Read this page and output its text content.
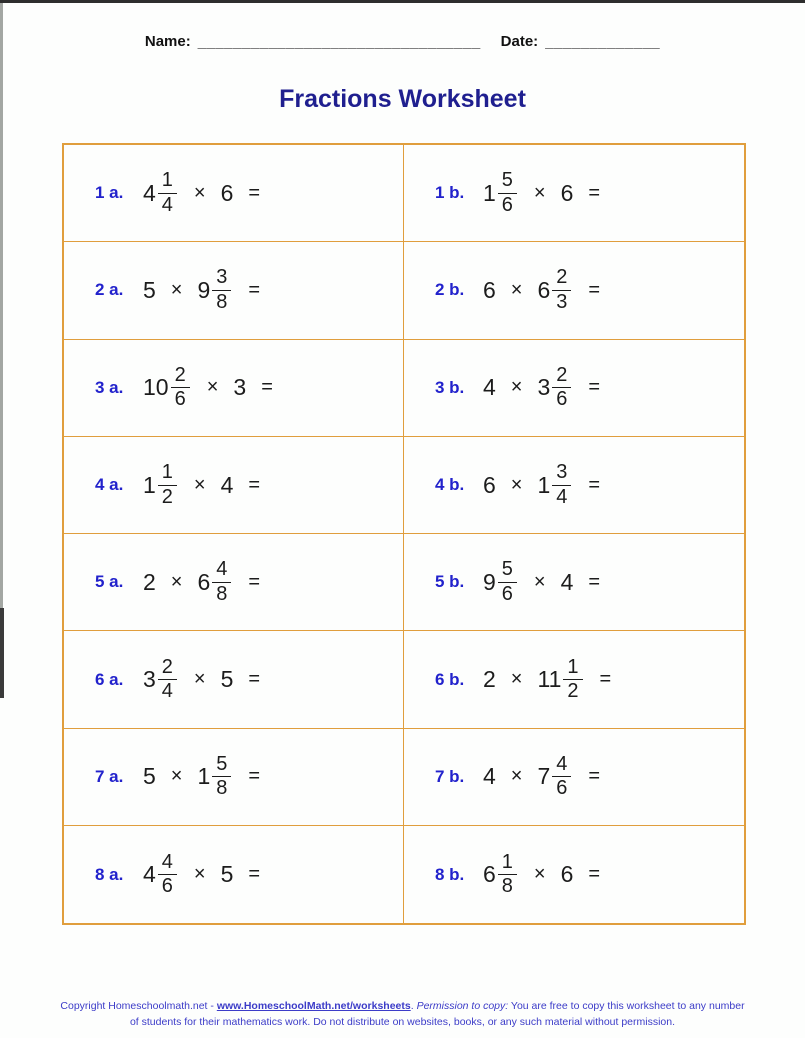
Name: ________________________________ Date: _____________
Fractions Worksheet
1 a. $4 \frac{1}{4} \times 6$ =	1 b. $1 \frac{5}{6} \times 6$ =
2 a. $5 \times 9 \frac{3}{8}$ =	2 b. $6 \times 6 \frac{2}{3}$ =
3 a. $10 \frac{2}{6} \times 3$ =	3 b. $4 \times 3 \frac{2}{6}$ =
4 a. $1 \frac{1}{2} \times 4$ =	4 b. $6 \times 1 \frac{3}{4}$ =
5 a. $2 \times 6 \frac{4}{8}$ =	5 b. $9 \frac{5}{6} \times 4$ =
6 a. $3 \frac{2}{4} \times 5$ =	6 b. $2 \times 11 \frac{1}{2}$ =
7 a. $5 \times 1 \frac{5}{8}$ =	7 b. $4 \times 7 \frac{4}{6}$ =
8 a. $4 \frac{4}{6} \times 5$ =	8 b. $6 \frac{1}{8} \times 6$ =
Copyright Homeschoolmath.net - www.HomeschoolMath.net/worksheets. Permission to copy: You are free to copy this worksheet to any number of students for their mathematics work. Do not distribute on websites, books, or any such material without permission.
